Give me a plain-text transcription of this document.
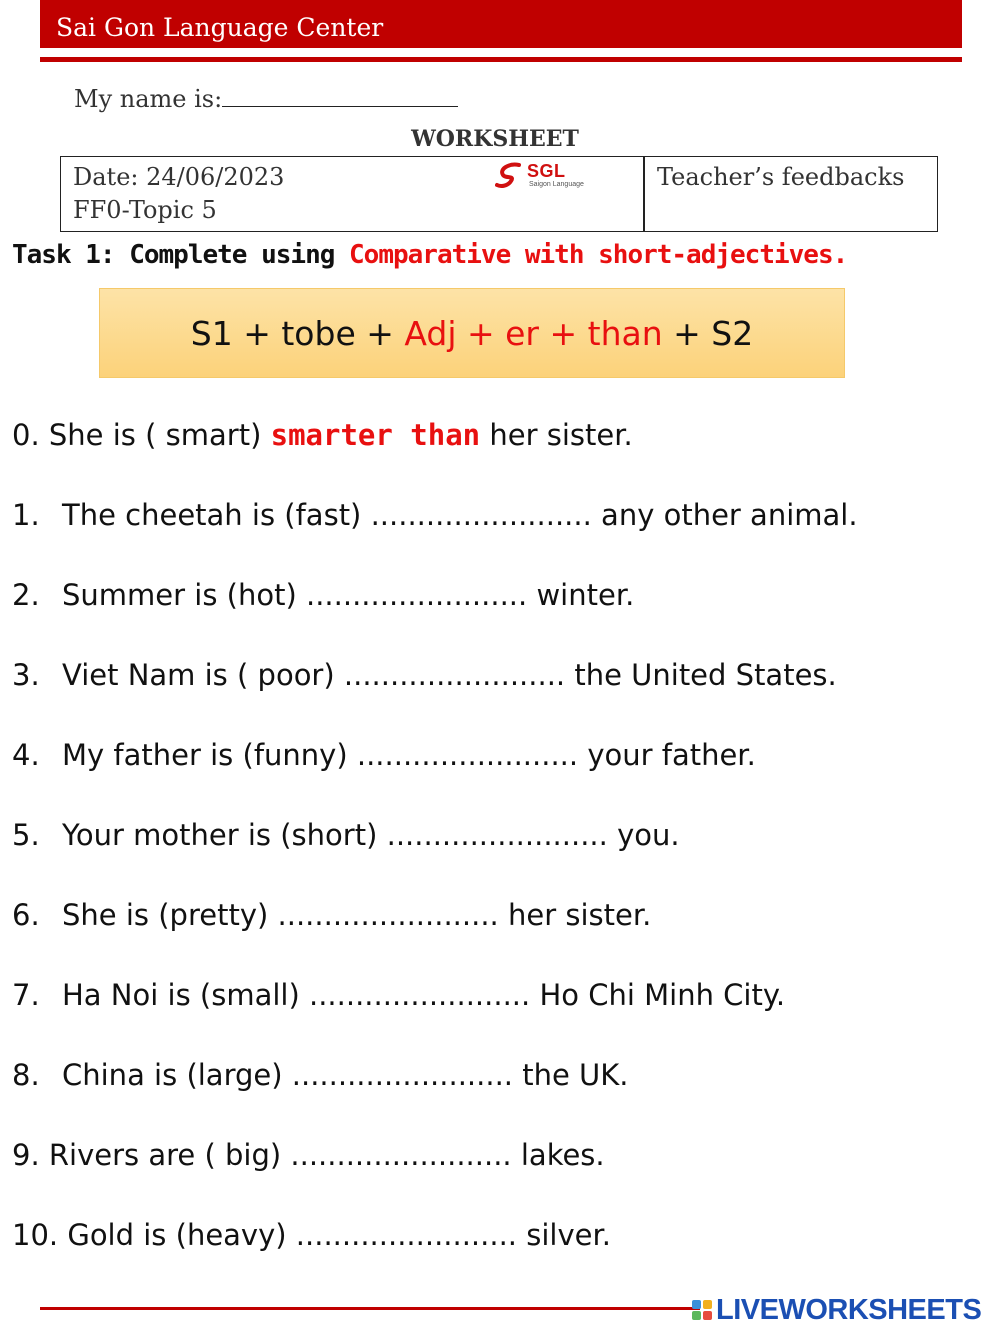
Sai Gon Language Center
My name is:
WORKSHEET
Date: 24/06/2023
FF0-Topic 5
SGL
Saigon Language	Teacher’s feedbacks
Task 1: Complete using Comparative with short-adjectives.
S1 + tobe + Adj + er + than + S2
0. She is ( smart) smarter than her sister.
1. The cheetah is (fast) ........................ any other animal.
2. Summer is (hot) ........................ winter.
3. Viet Nam is ( poor) ........................ the United States.
4. My father is (funny) ........................ your father.
5. Your mother is (short) ........................ you.
6. She is (pretty) ........................ her sister.
7. Ha Noi is (small) ........................ Ho Chi Minh City.
8. China is (large) ........................ the UK.
9. Rivers are ( big) ........................ lakes.
10. Gold is (heavy) ........................ silver.
LIVEWORKSHEETS
